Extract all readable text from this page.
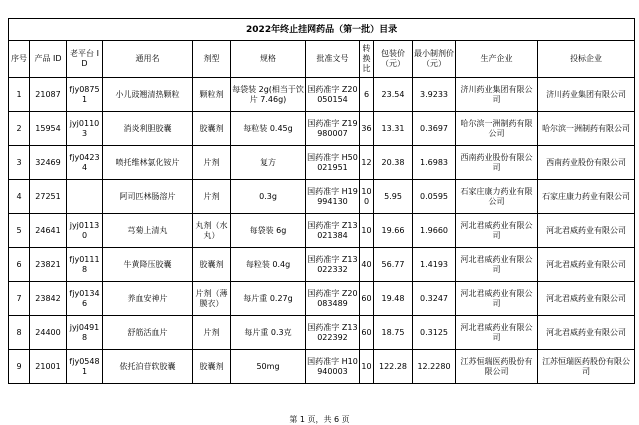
2022年终止挂网药品（第一批）目录											
序号	产品 ID	老平台 ID	通用名	剂型	规格	批准文号	转换比	包装价（元）	最小制剂价（元）	生产企业	投标企业
1	21087	fjy0875 1	小儿豉翘清热颗粒	颗粒剂	每袋装 2g(相当于饮片 7.46g)	国药准字 Z20050154	6	23.54	3.9233	济川药业集团有限公司	济川药业集团有限公司
2	15954	jyj01103	消炎利胆胶囊	胶囊剂	每粒装 0.45g	国药准字 Z19980007	36	13.31	0.3697	哈尔滨一洲制药有限公司	哈尔滨一洲制药有限公司
3	32469	fjy0423 4	喷托维林氯化铵片	片剂	复方	国药准字 H50021951	12	20.38	1.6983	西南药业股份有限公司	西南药业股份有限公司
4	27251		阿司匹林肠溶片	片剂	0.3g	国药准字 H19994130	100	5.95	0.0595	石家庄康力药业有限公司	石家庄康力药业有限公司
5	24641	jyj01130	芎菊上清丸	丸剂（水丸）	每袋装 6g	国药准字 Z13021384	10	19.66	1.9660	河北君威药业有限公司	河北君威药业有限公司
6	23821	fjy0111 8	牛黄降压胶囊	胶囊剂	每粒装 0.4g	国药准字 Z13022332	40	56.77	1.4193	河北君威药业有限公司	河北君威药业有限公司
7	23842	fjy0134 6	养血安神片	片剂（薄膜衣）	每片重 0.27g	国药准字 Z20083489	60	19.48	0.3247	河北君威药业有限公司	河北君威药业有限公司
8	24400	jyj04918	舒筋活血片	片剂	每片重 0.3克	国药准字 Z13022392	60	18.75	0.3125	河北君威药业有限公司	河北君威药业有限公司
9	21001	fjy0548 1	依托泊苷软胶囊	胶囊剂	50mg	国药准字 H10940003	10	122.28	12.2280	江苏恒瑞医药股份有限公司	江苏恒瑞医药股份有限公司
第 1 页，共 6 页
